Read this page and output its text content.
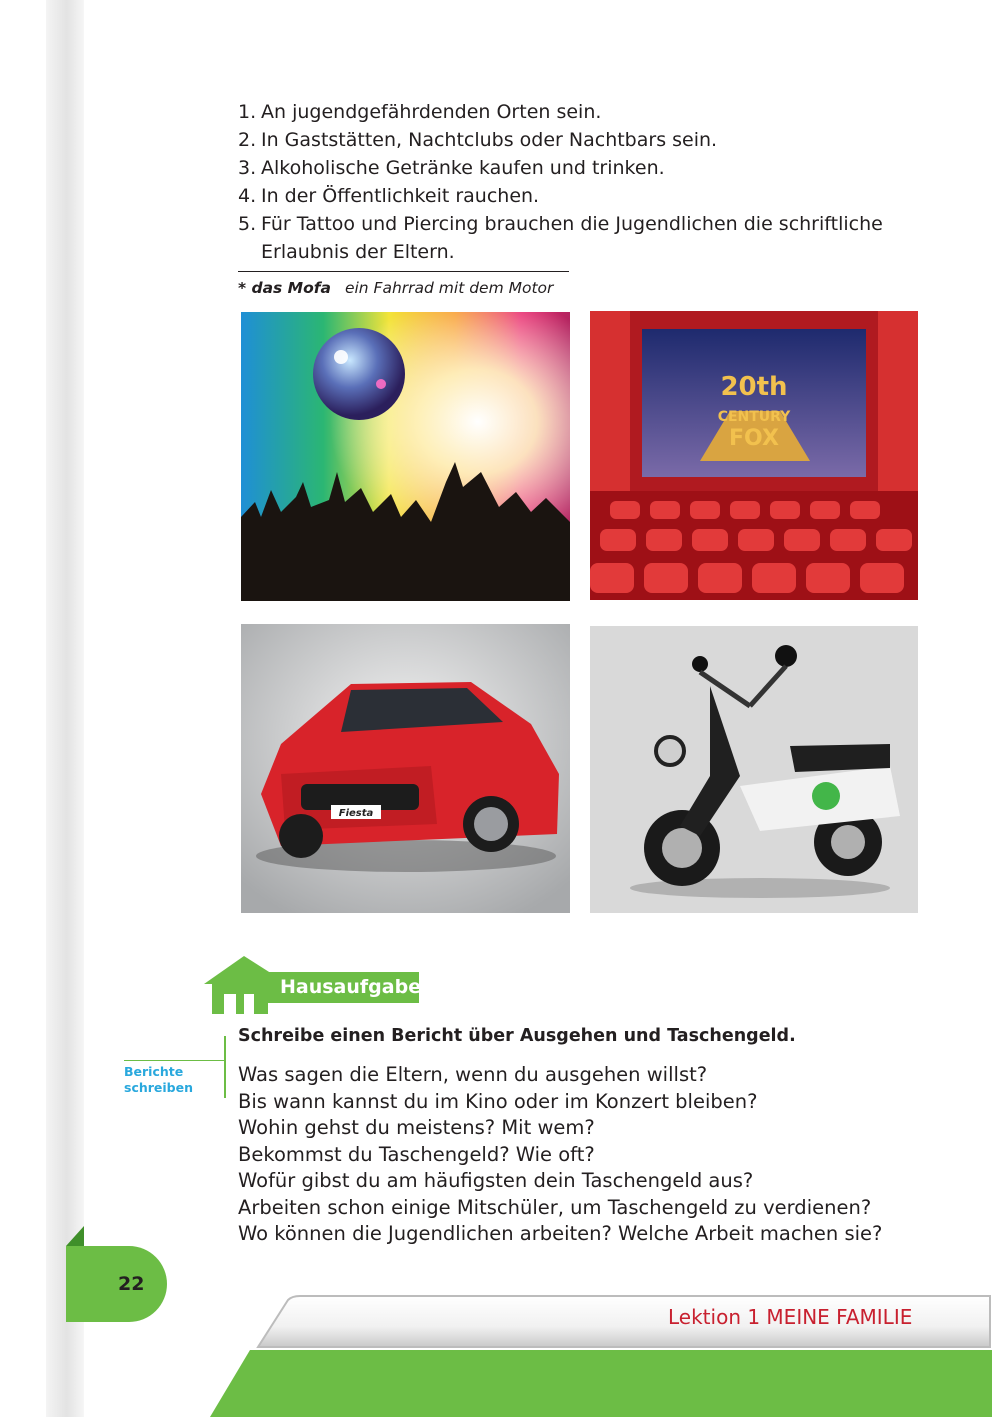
1. An jugendgefährdenden Orten sein.
2. In Gaststätten, Nachtclubs oder Nachtbars sein.
3. Alkoholische Getränke kaufen und trinken.
4. In der Öffentlichkeit rauchen.
5. Für Tattoo und Piercing brauchen die Jugendlichen die schriftliche Erlaubnis der Eltern.
* das Mofa ein Fahrrad mit dem Motor
20th
CENTURY
FOX
Fiesta
Hausaufgabe
Schreibe einen Bericht über Ausgehen und Taschengeld.
Berichte
schreiben
Was sagen die Eltern, wenn du ausgehen willst?
Bis wann kannst du im Kino oder im Konzert bleiben?
Wohin gehst du meistens? Mit wem?
Bekommst du Taschengeld? Wie oft?
Wofür gibst du am häufigsten dein Taschengeld aus?
Arbeiten schon einige Mitschüler, um Taschengeld zu verdienen?
Wo können die Jugendlichen arbeiten? Welche Arbeit machen sie?
22
Lektion 1 MEINE FAMILIE
